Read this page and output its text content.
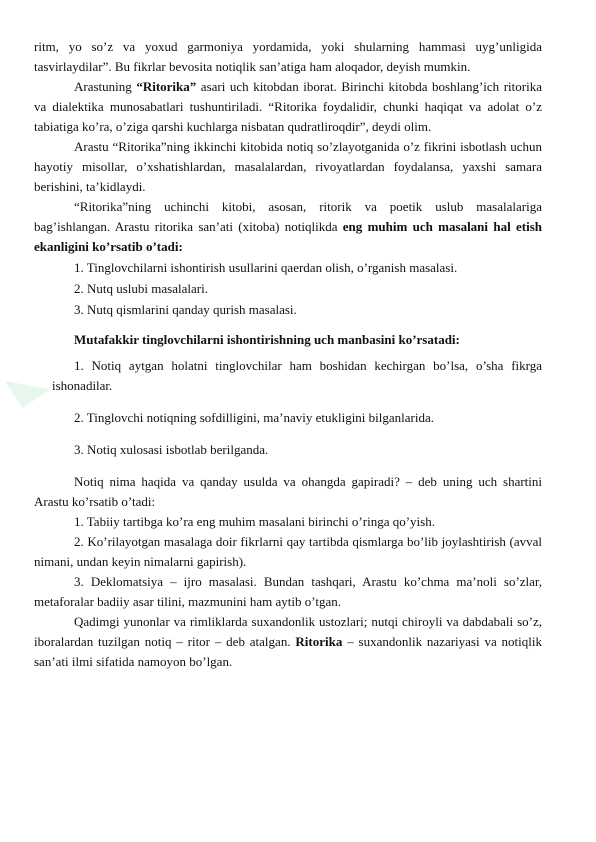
◣

ritm, yo so’z va yoxud garmoniya yordamida, yoki shularning hammasi uyg’unligida tasvirlaydilar”. Bu fikrlar bevosita notiqlik san’atiga ham aloqador, deyish mumkin.

Arastuning “Ritorika” asari uch kitobdan iborat. Birinchi kitobda boshlang’ich ritorika va dialektika munosabatlari tushuntiriladi. “Ritorika foydalidir, chunki haqiqat va adolat o’z tabiatiga ko’ra, o’ziga qarshi kuchlarga nisbatan qudratliroqdir”, deydi olim.

Arastu “Ritorika”ning ikkinchi kitobida notiq so’zlayotganida o’z fikrini isbotlash uchun hayotiy misollar, o’xshatishlardan, masalalardan, rivoyatlardan foydalansa, yaxshi samara berishini, ta’kidlaydi.

“Ritorika”ning uchinchi kitobi, asosan, ritorik va poetik uslub masalalariga bag’ishlangan. Arastu ritorika san’ati (xitoba) notiqlikda eng muhim uch masalani hal etish ekanligini ko’rsatib o’tadi:

1. Tinglovchilarni ishontirish usullarini qaerdan olish, o’rganish masalasi.

2. Nutq uslubi masalalari.

3. Nutq qismlarini qanday qurish masalasi.

Mutafakkir tinglovchilarni ishontirishning uch manbasini ko’rsatadi:

1. Notiq aytgan holatni tinglovchilar ham boshidan kechirgan bo’lsa, o’sha fikrga ishonadilar.

2. Tinglovchi notiqning sofdilligini, ma’naviy etukligini bilganlarida.

3. Notiq xulosasi isbotlab berilganda.

Notiq nima haqida va qanday usulda va ohangda gapiradi? – deb uning uch shartini Arastu ko’rsatib o’tadi:

1. Tabiiy tartibga ko’ra eng muhim masalani birinchi o’ringa qo’yish.

2. Ko’rilayotgan masalaga doir fikrlarni qay tartibda qismlarga bo’lib joylashtirish (avval nimani, undan keyin nimalarni gapirish).

3. Deklomatsiya – ijro masalasi. Bundan tashqari, Arastu ko’chma ma’noli so’zlar, metaforalar badiiy asar tilini, mazmunini ham aytib o’tgan.

Qadimgi yunonlar va rimliklarda suxandonlik ustozlari; nutqi chiroyli va dabdabali so’z, iboralardan tuzilgan notiq – ritor – deb atalgan. Ritorika – suxandonlik nazariyasi va notiqlik san’ati ilmi sifatida namoyon bo’lgan.
